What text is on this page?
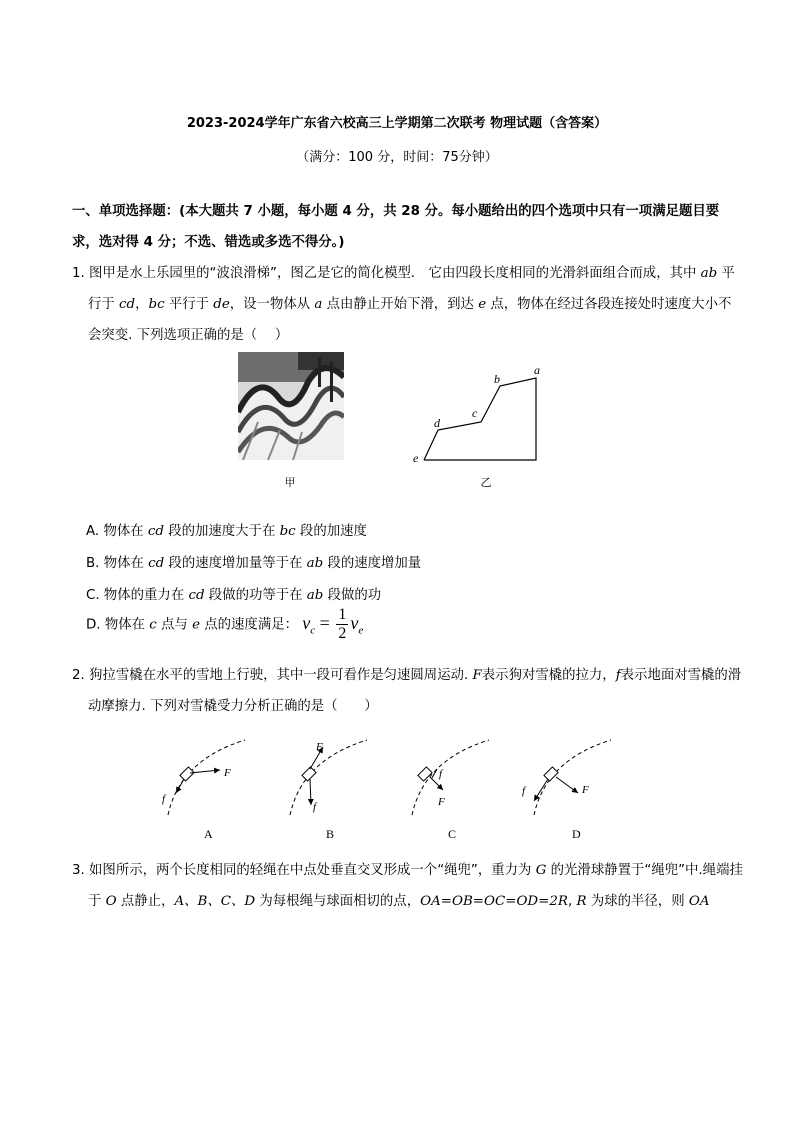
2023-2024学年广东省六校高三上学期第二次联考 物理试题（含答案）
（满分：100 分，时间：75分钟）
一、单项选择题：(本大题共 7 小题，每小题 4 分，共 28 分。每小题给出的四个选项中只有一项满足题目要求，选对得 4 分；不选、错选或多选不得分。)
1. 图甲是水上乐园里的“波浪滑梯”，图乙是它的简化模型． 它由四段长度相同的光滑斜面组合而成，其中 ab 平行于 cd，bc 平行于 de，设一物体从 a 点由静止开始下滑，到达 e 点，物体在经过各段连接处时速度大小不会突变. 下列选项正确的是（　 ）
甲
a
b
c
d
e
乙
A. 物体在 cd 段的加速度大于在 bc 段的加速度
B. 物体在 cd 段的速度增加量等于在 ab 段的速度增加量
C. 物体的重力在 cd 段做的功等于在 ab 段做的功
D. 物体在 c 点与 e 点的速度满足： $v_c = \frac{1}{2} v_e$
2. 狗拉雪橇在水平的雪地上行驶，其中一段可看作是匀速圆周运动. F表示狗对雪橇的拉力，f表示地面对雪橇的滑动摩擦力. 下列对雪橇受力分析正确的是（　　）
F
f
A
F
f
B
f
F
C
F
f
D
3. 如图所示，两个长度相同的轻绳在中点处垂直交叉形成一个“绳兜”，重力为 G 的光滑球静置于“绳兜”中.绳端挂于 O 点静止，A、B、C、D 为每根绳与球面相切的点，OA=OB=OC=OD=2R, R 为球的半径，则 OA
